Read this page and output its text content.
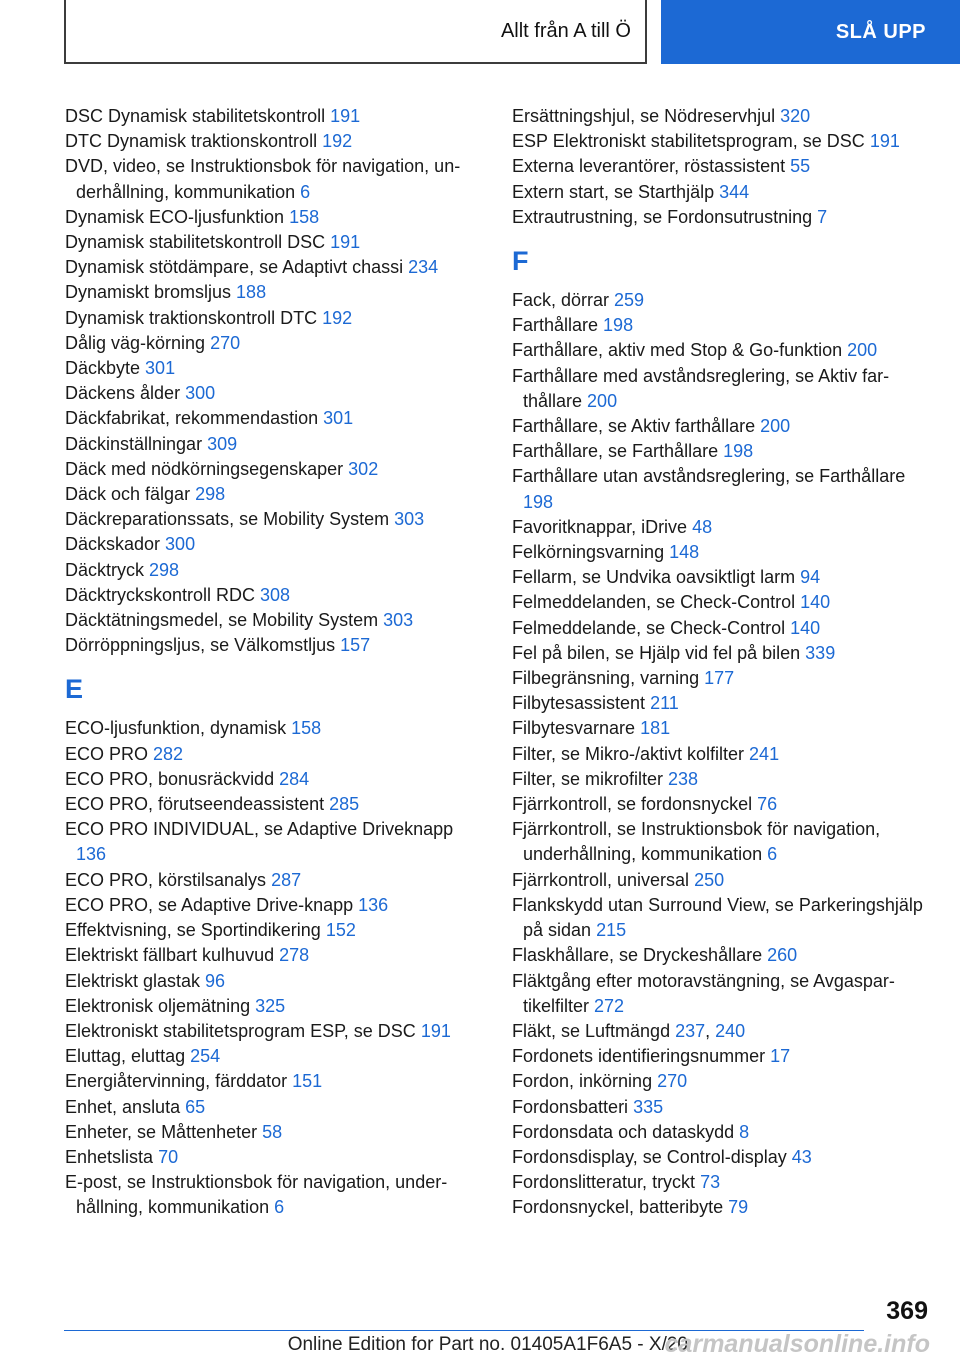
Allt från A till Ö	SLÅ UPP
DSC Dynamisk stabilitetskontroll 191
DTC Dynamisk traktionskontroll 192
DVD, video, se Instruktionsbok för navigation, underhållning, kommunikation 6
Dynamisk ECO-ljusfunktion 158
Dynamisk stabilitetskontroll DSC 191
Dynamisk stötdämpare, se Adaptivt chassi 234
Dynamiskt bromsljus 188
Dynamisk traktionskontroll DTC 192
Dålig väg-körning 270
Däckbyte 301
Däckens ålder 300
Däckfabrikat, rekommendastion 301
Däckinställningar 309
Däck med nödkörningsegenskaper 302
Däck och fälgar 298
Däckreparationssats, se Mobility System 303
Däckskador 300
Däcktryck 298
Däcktryckskontroll RDC 308
Däcktätningsmedel, se Mobility System 303
Dörröppningsljus, se Välkomstljus 157
E
ECO-ljusfunktion, dynamisk 158
ECO PRO 282
ECO PRO, bonusräckvidd 284
ECO PRO, förutseendeassistent 285
ECO PRO INDIVIDUAL, se Adaptive Driveknapp 136
ECO PRO, körstilsanalys 287
ECO PRO, se Adaptive Drive-knapp 136
Effektvisning, se Sportindikering 152
Elektriskt fällbart kulhuvud 278
Elektriskt glastak 96
Elektronisk oljemätning 325
Elektroniskt stabilitetsprogram ESP, se DSC 191
Eluttag, eluttag 254
Energiåtervinning, färddator 151
Enhet, ansluta 65
Enheter, se Måttenheter 58
Enhetslista 70
E-post, se Instruktionsbok för navigation, underhållning, kommunikation 6
Ersättningshjul, se Nödreservhjul 320
ESP Elektroniskt stabilitetsprogram, se DSC 191
Externa leverantörer, röstassistent 55
Extern start, se Starthjälp 344
Extrautrustning, se Fordonsutrustning 7
F
Fack, dörrar 259
Farthållare 198
Farthållare, aktiv med Stop & Go-funktion 200
Farthållare med avståndsreglering, se Aktiv farthållare 200
Farthållare, se Aktiv farthållare 200
Farthållare, se Farthållare 198
Farthållare utan avståndsreglering, se Farthållare 198
Favoritknappar, iDrive 48
Felkörningsvarning 148
Fellarm, se Undvika oavsiktligt larm 94
Felmeddelanden, se Check-Control 140
Felmeddelande, se Check-Control 140
Fel på bilen, se Hjälp vid fel på bilen 339
Filbegränsning, varning 177
Filbytesassistent 211
Filbytesvarnare 181
Filter, se Mikro-/aktivt kolfilter 241
Filter, se mikrofilter 238
Fjärrkontroll, se fordonsnyckel 76
Fjärrkontroll, se Instruktionsbok för navigation, underhållning, kommunikation 6
Fjärrkontroll, universal 250
Flankskydd utan Surround View, se Parkeringshjälp på sidan 215
Flaskhållare, se Dryckeshållare 260
Fläktgång efter motoravstängning, se Avgaspartikelfilter 272
Fläkt, se Luftmängd 237, 240
Fordonets identifieringsnummer 17
Fordon, inkörning 270
Fordonsbatteri 335
Fordonsdata och dataskydd 8
Fordonsdisplay, se Control-display 43
Fordonslitteratur, tryckt 73
Fordonsnyckel, batteribyte 79
369
Online Edition for Part no. 01405A1F6A5 - X/20
carmanualsonline.info
